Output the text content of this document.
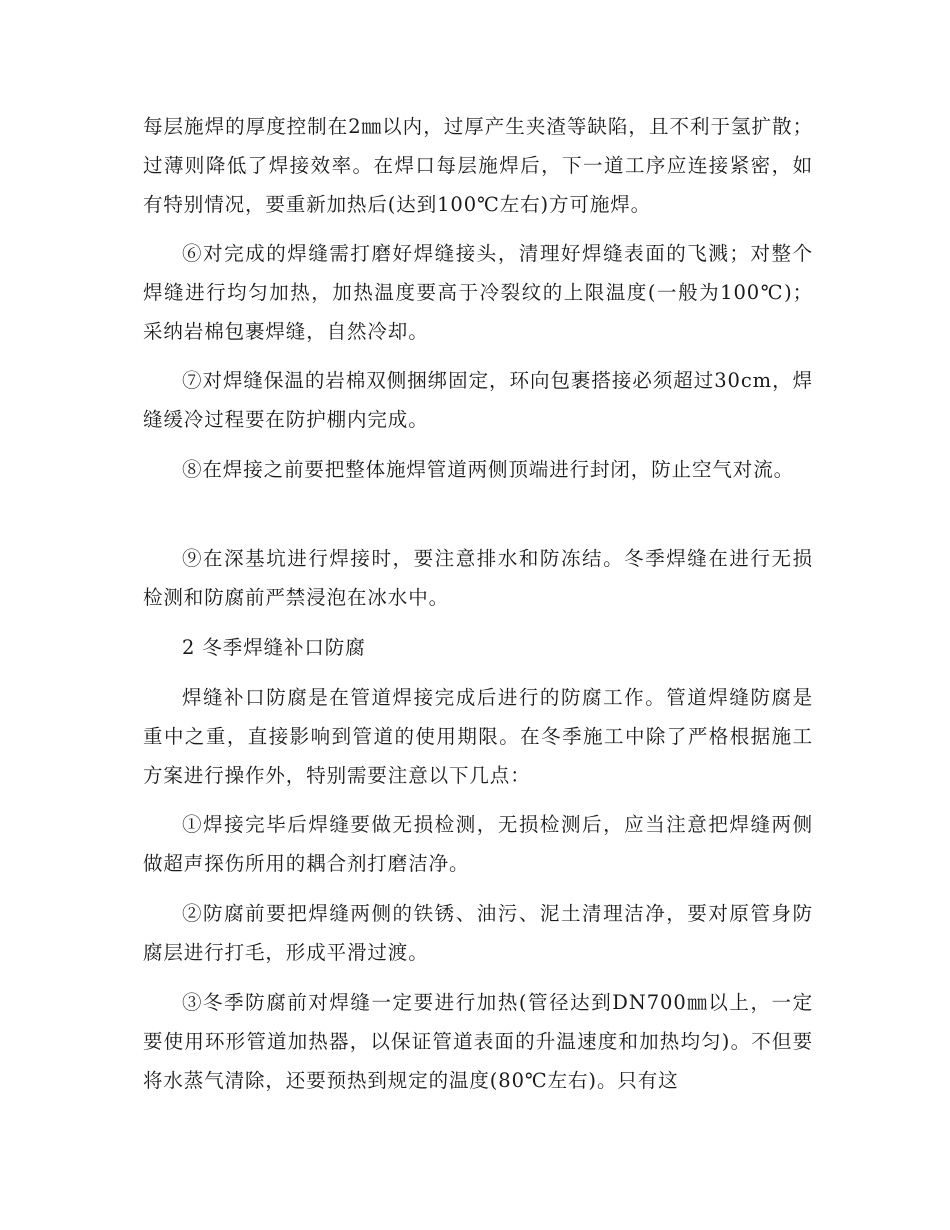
每层施焊的厚度控制在2㎜以内，过厚产生夹渣等缺陷，且不利于氢扩散；过薄则降低了焊接效率。在焊口每层施焊后，下一道工序应连接紧密，如有特别情况，要重新加热后(达到100℃左右)方可施焊。

⑥对完成的焊缝需打磨好焊缝接头，清理好焊缝表面的飞溅；对整个焊缝进行均匀加热，加热温度要高于冷裂纹的上限温度(一般为100℃)；采纳岩棉包裹焊缝，自然冷却。

⑦对焊缝保温的岩棉双侧捆绑固定，环向包裹搭接必须超过30cm，焊缝缓冷过程要在防护棚内完成。

⑧在焊接之前要把整体施焊管道两侧顶端进行封闭，防止空气对流。

⑨在深基坑进行焊接时，要注意排水和防冻结。冬季焊缝在进行无损检测和防腐前严禁浸泡在冰水中。

2 冬季焊缝补口防腐

焊缝补口防腐是在管道焊接完成后进行的防腐工作。管道焊缝防腐是重中之重，直接影响到管道的使用期限。在冬季施工中除了严格根据施工方案进行操作外，特别需要注意以下几点：

①焊接完毕后焊缝要做无损检测，无损检测后，应当注意把焊缝两侧做超声探伤所用的耦合剂打磨洁净。

②防腐前要把焊缝两侧的铁锈、油污、泥土清理洁净，要对原管身防腐层进行打毛，形成平滑过渡。

③冬季防腐前对焊缝一定要进行加热(管径达到DN700㎜以上，一定要使用环形管道加热器，以保证管道表面的升温速度和加热均匀)。不但要将水蒸气清除，还要预热到规定的温度(80℃左右)。只有这
